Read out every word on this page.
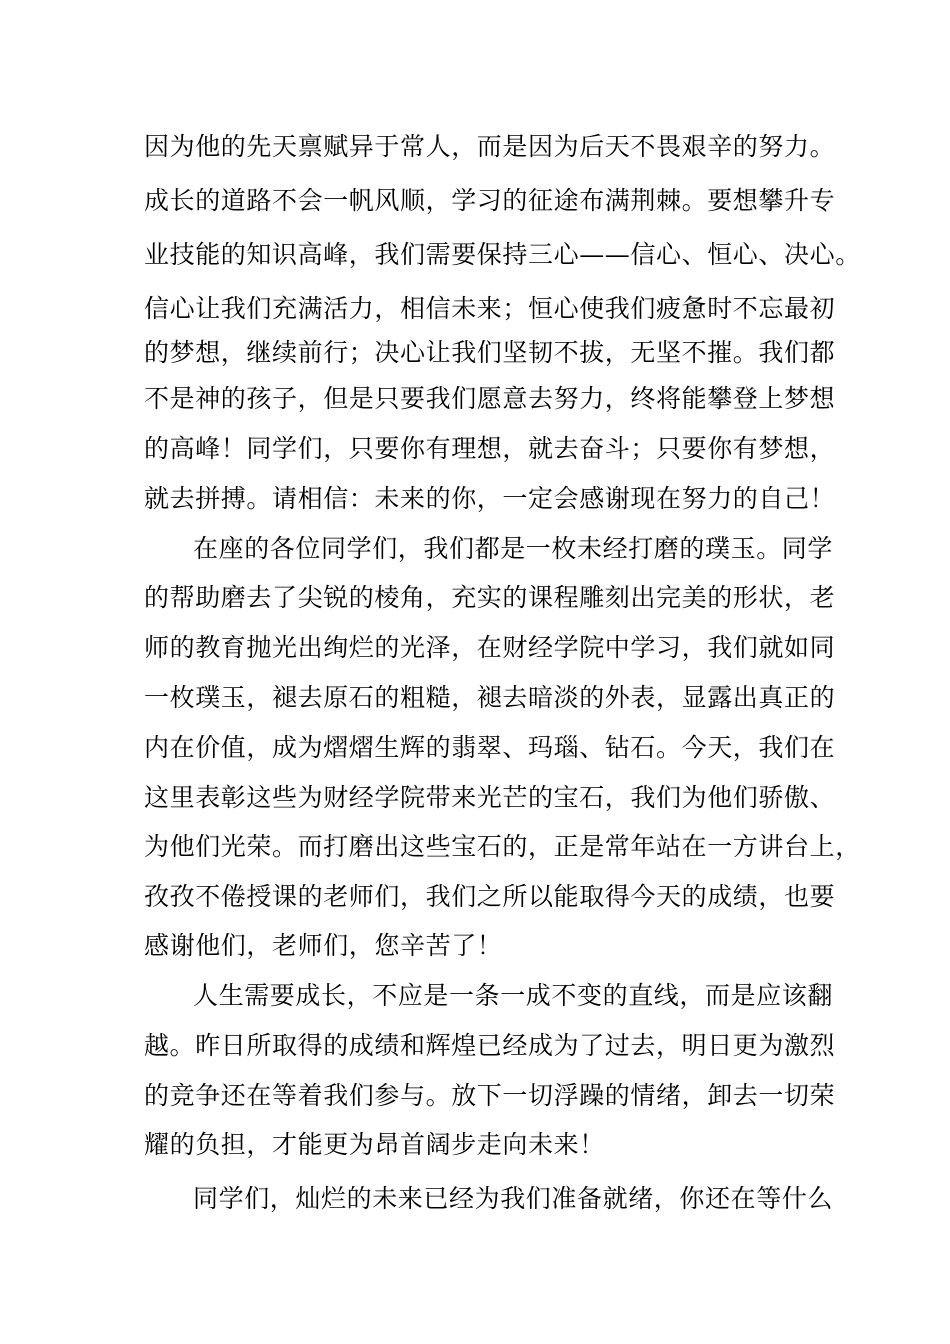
因为他的先天禀赋异于常人，而是因为后天不畏艰辛的努力。
成长的道路不会一帆风顺，学习的征途布满荆棘。要想攀升专
业技能的知识高峰，我们需要保持三心——信心、恒心、决心。
信心让我们充满活力，相信未来；恒心使我们疲惫时不忘最初
的梦想，继续前行；决心让我们坚韧不拔，无坚不摧。我们都
不是神的孩子，但是只要我们愿意去努力，终将能攀登上梦想
的高峰！同学们，只要你有理想，就去奋斗；只要你有梦想，
就去拼搏。请相信：未来的你，一定会感谢现在努力的自己！
在座的各位同学们，我们都是一枚未经打磨的璞玉。同学
的帮助磨去了尖锐的棱角，充实的课程雕刻出完美的形状，老
师的教育抛光出绚烂的光泽，在财经学院中学习，我们就如同
一枚璞玉，褪去原石的粗糙，褪去暗淡的外表，显露出真正的
内在价值，成为熠熠生辉的翡翠、玛瑙、钻石。今天，我们在
这里表彰这些为财经学院带来光芒的宝石，我们为他们骄傲、
为他们光荣。而打磨出这些宝石的，正是常年站在一方讲台上，
孜孜不倦授课的老师们，我们之所以能取得今天的成绩，也要
感谢他们，老师们，您辛苦了！
人生需要成长，不应是一条一成不变的直线，而是应该翻
越。昨日所取得的成绩和辉煌已经成为了过去，明日更为激烈
的竞争还在等着我们参与。放下一切浮躁的情绪，卸去一切荣
耀的负担，才能更为昂首阔步走向未来！
同学们，灿烂的未来已经为我们准备就绪，你还在等什么
